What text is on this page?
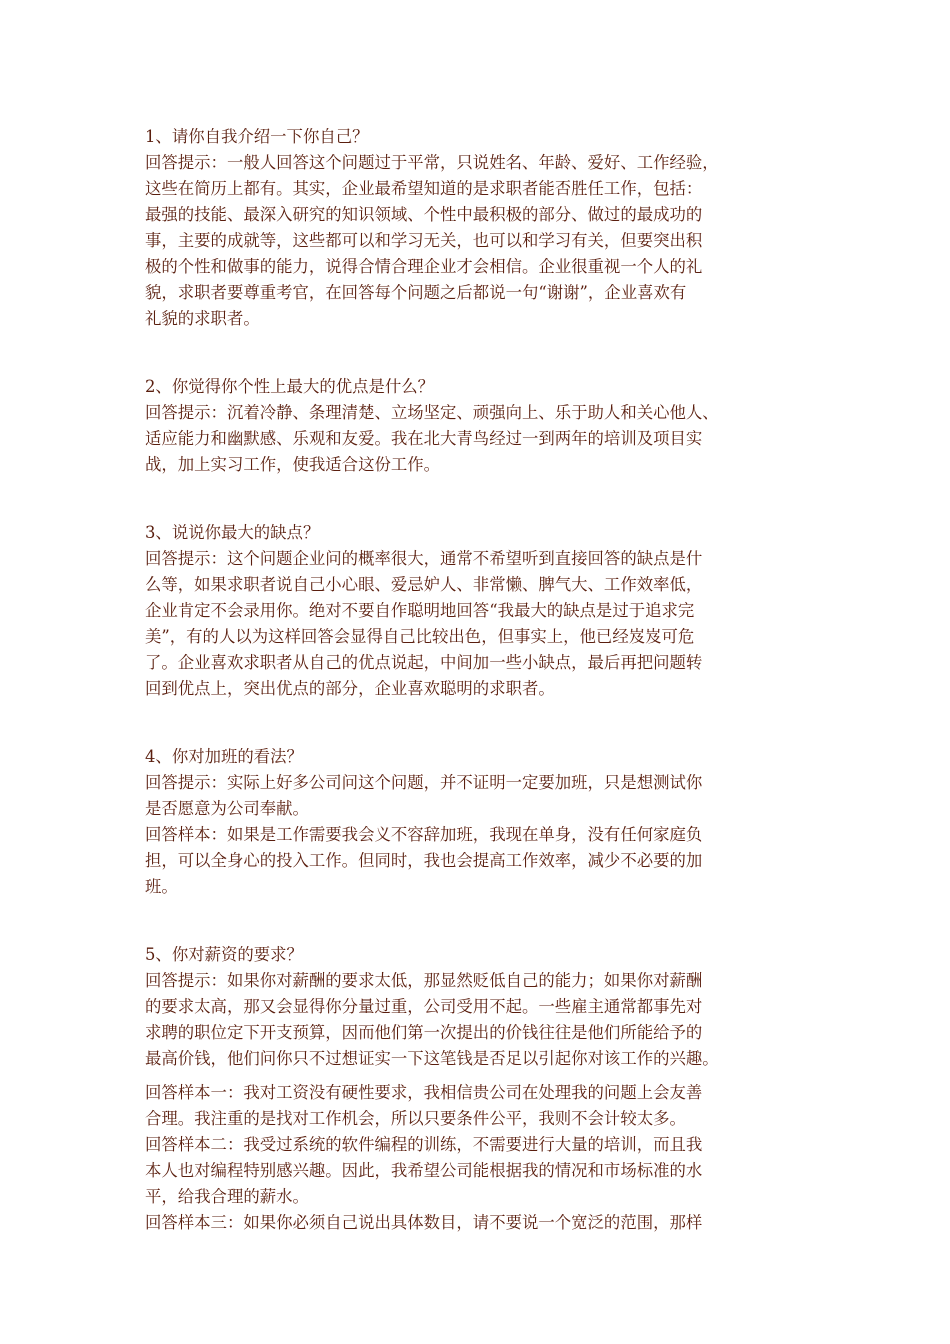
1、请你自我介绍一下你自己？
回答提示：一般人回答这个问题过于平常，只说姓名、年龄、爱好、工作经验，
这些在简历上都有。其实，企业最希望知道的是求职者能否胜任工作，包括：
最强的技能、最深入研究的知识领域、个性中最积极的部分、做过的最成功的
事，主要的成就等，这些都可以和学习无关，也可以和学习有关，但要突出积
极的个性和做事的能力，说得合情合理企业才会相信。企业很重视一个人的礼
貌，求职者要尊重考官，在回答每个问题之后都说一句“谢谢”，企业喜欢有
礼貌的求职者。
2、你觉得你个性上最大的优点是什么？
回答提示：沉着冷静、条理清楚、立场坚定、顽强向上、乐于助人和关心他人、
适应能力和幽默感、乐观和友爱。我在北大青鸟经过一到两年的培训及项目实
战，加上实习工作，使我适合这份工作。
3、说说你最大的缺点？
回答提示：这个问题企业问的概率很大，通常不希望听到直接回答的缺点是什
么等，如果求职者说自己小心眼、爱忌妒人、非常懒、脾气大、工作效率低，
企业肯定不会录用你。绝对不要自作聪明地回答“我最大的缺点是过于追求完
美”，有的人以为这样回答会显得自己比较出色，但事实上，他已经岌岌可危
了。企业喜欢求职者从自己的优点说起，中间加一些小缺点，最后再把问题转
回到优点上，突出优点的部分，企业喜欢聪明的求职者。
4、你对加班的看法？
回答提示：实际上好多公司问这个问题，并不证明一定要加班，只是想测试你
是否愿意为公司奉献。
回答样本：如果是工作需要我会义不容辞加班，我现在单身，没有任何家庭负
担，可以全身心的投入工作。但同时，我也会提高工作效率，减少不必要的加
班。
5、你对薪资的要求？
回答提示：如果你对薪酬的要求太低，那显然贬低自己的能力；如果你对薪酬
的要求太高，那又会显得你分量过重，公司受用不起。一些雇主通常都事先对
求聘的职位定下开支预算，因而他们第一次提出的价钱往往是他们所能给予的
最高价钱，他们问你只不过想证实一下这笔钱是否足以引起你对该工作的兴趣。
回答样本一：我对工资没有硬性要求，我相信贵公司在处理我的问题上会友善
合理。我注重的是找对工作机会，所以只要条件公平，我则不会计较太多。
回答样本二：我受过系统的软件编程的训练，不需要进行大量的培训，而且我
本人也对编程特别感兴趣。因此，我希望公司能根据我的情况和市场标准的水
平，给我合理的薪水。
回答样本三：如果你必须自己说出具体数目，请不要说一个宽泛的范围，那样
